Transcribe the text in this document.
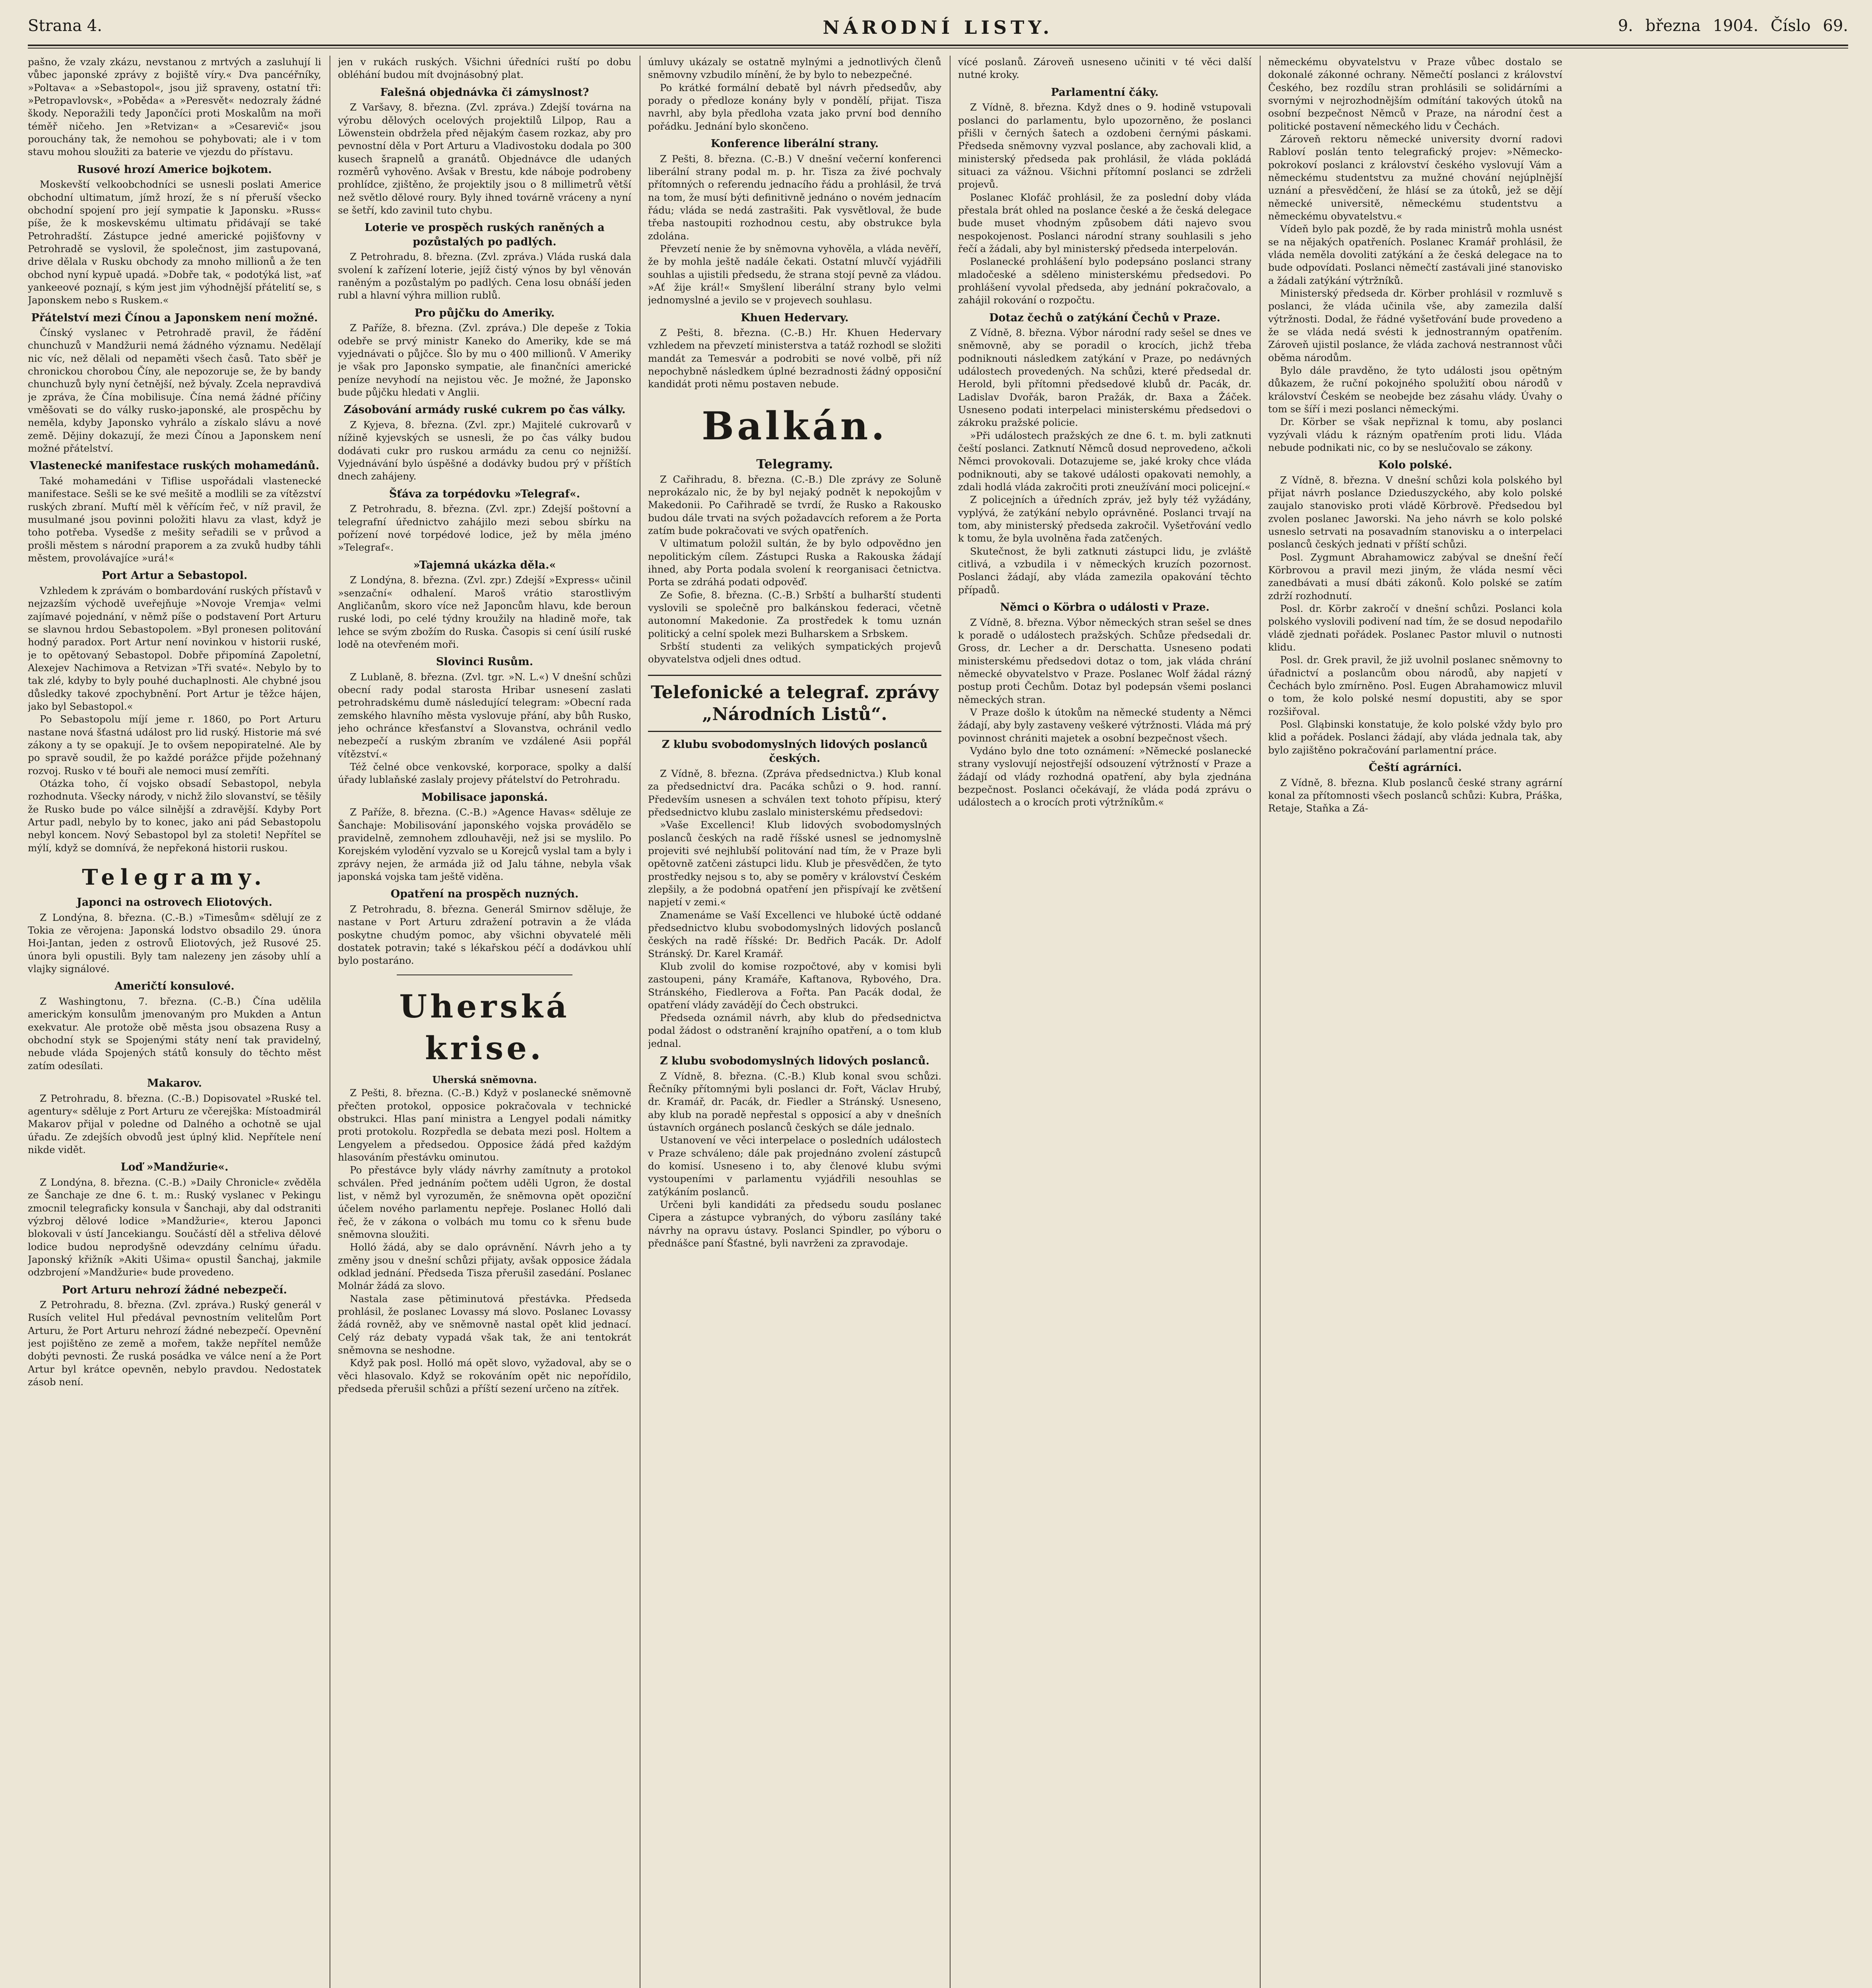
Strana 4.	NÁRODNÍ LISTY.	9. března 1904. Číslo 69.

pašno, že vzaly zkázu, nevstanou z mrtvých a zasluhují li vůbec japonské zprávy z bojiště víry.« Dva pancéřníky, »Poltava« a »Sebastopol«, jsou již spraveny, ostatní tři: »Petropavlovsk«, »Poběda« a »Peresvět« nedozraly žádné škody. Neporažili tedy Japončíci proti Moskalům na moři téměř ničeho. Jen »Retvizan« a »Cesarevič« jsou porouchány tak, že nemohou se pohybovati; ale i v tom stavu mohou sloužiti za baterie ve vjezdu do přístavu.

Rusové hrozí Americe bojkotem.

Moskevští velkoobchodníci se usnesli poslati Americe obchodní ultimatum, jímž hrozí, že s ní přeruší všecko obchodní spojení pro její sympatie k Japonsku. »Russ« píše, že k moskevskému ultimatu přidávají se také Petrohradští. Zástupce jedné americké pojišťovny v Petrohradě se vyslovil, že společnost, jim zastupovaná, drive dělala v Rusku obchody za mnoho millionů a že ten obchod nyní kypuě upadá. »Dobře tak, « podotýká list, »ať yankeeové poznají, s kým jest jim výhodnější přátelití se, s Japonskem nebo s Ruskem.«

Přátelství mezi Čínou a Japonskem není možné.

Čínský vyslanec v Petrohradě pravil, že řádění chunchuzů v Mandžurii nemá žádného významu. Nedělají nic víc, než dělali od nepaměti všech časů. Tato sběř je chronickou chorobou Číny, ale nepozoruje se, že by bandy chunchuzů byly nyní četnější, než bývaly. Zcela nepravdivá je zpráva, že Čína mobilisuje. Čína nemá žádné příčiny vměšovati se do války rusko-japonské, ale prospěchu by neměla, kdyby Japonsko vyhrálo a získalo slávu a nové země. Dějiny dokazují, že mezi Čínou a Japonskem není možné přátelství.

Vlastenecké manifestace ruských mohamedánů.

Také mohamedáni v Tiflise uspořádali vlastenecké manifestace. Sešli se ke své mešitě a modlili se za vítězství ruských zbraní. Muftí měl k věřícím řeč, v níž pravil, že musulmané jsou povinni položiti hlavu za vlast, když je toho potřeba. Vysedše z mešity seřadili se v průvod a prošli městem s národní praporem a za zvuků hudby táhli městem, provolávajíce »urá!«

Port Artur a Sebastopol.

Vzhledem k zprávám o bombardování ruských přístavů v nejzazším východě uveřejňuje »Novoje Vremja« velmi zajímavé pojednání, v němž píše o podstavení Port Arturu se slavnou hrdou Sebastopolem. »Byl pronesen politování hodný paradox. Port Artur není novinkou v historii ruské, je to opětovaný Sebastopol. Dobře připomíná Zapoletní, Alexejev Nachimova a Retvizan »Tři svaté«. Nebylo by to tak zlé, kdyby to byly pouhé duchaplnosti. Ale chybné jsou důsledky takové zpochybnění. Port Artur je těžce hájen, jako byl Sebastopol.«

Po Sebastopolu míjí jeme r. 1860, po Port Arturu nastane nová šťastná událost pro lid ruský. Historie má své zákony a ty se opakují. Je to ovšem nepopiratelné. Ale by po spravě soudil, že po každé porážce přijde požehnaný rozvoj. Rusko v té bouři ale nemoci musí zemříti.

Otázka toho, čí vojsko obsadí Sebastopol, nebyla rozhodnuta. Všecky národy, v nichž žilo slovanství, se těšily že Rusko bude po válce silnější a zdravější. Kdyby Port Artur padl, nebylo by to konec, jako ani pád Sebastopolu nebyl koncem. Nový Sebastopol byl za stoleti! Nepřítel se mýlí, když se domnívá, že nepřekoná historii ruskou.

Telegramy.
Japonci na ostrovech Eliotových.

Z Londýna, 8. března. (C.-B.) »Timesům« sdělují ze z Tokia ze věrojena: Japonská lodstvo obsadilo 29. února Hoi-Jantan, jeden z ostrovů Eliotových, jež Rusové 25. února byli opustili. Byly tam nalezeny jen zásoby uhlí a vlajky signálové.

Američtí konsulové.

Z Washingtonu, 7. března. (C.-B.) Čína udělila americkým konsulům jmenovaným pro Mukden a Antun exekvatur. Ale protože obě města jsou obsazena Rusy a obchodní styk se Spojenými státy není tak pravidelný, nebude vláda Spojených států konsuly do těchto měst zatím odesílati.

Makarov.

Z Petrohradu, 8. března. (C.-B.) Dopisovatel »Ruské tel. agentury« sděluje z Port Arturu ze včerejška: Místoadmirál Makarov přijal v poledne od Dalného a ochotně se ujal úřadu. Ze zdejších obvodů jest úplný klid. Nepřítele není nikde vidět.

Loď »Mandžurie«.

Z Londýna, 8. března. (C.-B.) »Daily Chronicle« zvěděla ze Šanchaje ze dne 6. t. m.: Ruský vyslanec v Pekingu zmocnil telegraficky konsula v Šanchaji, aby dal odstraniti výzbroj dělové lodice »Mandžurie«, kterou Japonci blokovali v ústí Jancekiangu. Součástí děl a střeliva dělové lodice budou neprodyšně odevzdány celnímu úřadu. Japonský křižník »Akiti Ušima« opustil Šanchaj, jakmile odzbrojení »Mandžurie« bude provedeno.

Port Arturu nehrozí žádné nebezpečí.

Z Petrohradu, 8. března. (Zvl. zpráva.) Ruský generál v Rusích velitel Hul předával pevnostním velitelům Port Arturu, že Port Arturu nehrozí žádné nebezpečí. Opevnění jest pojištěno ze země a mořem, takže nepřítel nemůže dobýti pevnosti. Že ruská posádka ve válce není a že Port Artur byl krátce opevněn, nebylo pravdou. Nedostatek zásob není.

jen v rukách ruských. Všichni úředníci ruští po dobu obléhání budou mít dvojnásobný plat.

Falešná objednávka či zámyslnost?

Z Varšavy, 8. března. (Zvl. zpráva.) Zdejší továrna na výrobu dělových ocelových projektilů Lilpop, Rau a Löwenstein obdržela před nějakým časem rozkaz, aby pro pevnostní děla v Port Arturu a Vladivostoku dodala po 300 kusech šrapnelů a granátů. Objednávce dle udaných rozměrů vyhověno. Avšak v Brestu, kde náboje podrobeny prohlídce, zjištěno, že projektily jsou o 8 millimetrů větší než světlo dělové roury. Byly ihned továrně vráceny a nyní se šetří, kdo zavinil tuto chybu.

Loterie ve prospěch ruských raněných a pozůstalých po padlých.

Z Petrohradu, 8. března. (Zvl. zpráva.) Vláda ruská dala svolení k zařízení loterie, jejíž čistý výnos by byl věnován raněným a pozůstalým po padlých. Cena losu obnáší jeden rubl a hlavní výhra million rublů.

Pro půjčku do Ameriky.

Z Paříže, 8. března. (Zvl. zpráva.) Dle depeše z Tokia odebře se prvý ministr Kaneko do Ameriky, kde se má vyjednávati o půjčce. Šlo by mu o 400 millionů. V Ameriky je však pro Japonsko sympatie, ale finančníci americké peníze nevyhodí na nejistou věc. Je možné, že Japonsko bude půjčku hledati v Anglii.

Zásobování armády ruské cukrem po čas války.

Z Kyjeva, 8. března. (Zvl. zpr.) Majitelé cukrovarů v nížině kyjevských se usnesli, že po čas války budou dodávati cukr pro ruskou armádu za cenu co nejnižší. Vyjednávání bylo úspěšné a dodávky budou prý v příštích dnech zahájeny.

Šťáva za torpédovku »Telegraf«.

Z Petrohradu, 8. března. (Zvl. zpr.) Zdejší poštovní a telegrafní úřednictvo zahájilo mezi sebou sbírku na pořízení nové torpédové lodice, jež by měla jméno »Telegraf«.

»Tajemná ukázka děla.«

Z Londýna, 8. března. (Zvl. zpr.) Zdejší »Express« učinil »senzační« odhalení. Maroš vrátio starostlivým Angličanům, skoro více než Japoncům hlavu, kde beroun ruské lodi, po celé týdny kroužily na hladině moře, tak lehce se svým zbožím do Ruska. Časopis si cení úsilí ruské lodě na otevřeném moři.

Slovinci Rusům.

Z Lublaně, 8. března. (Zvl. tgr. »N. L.«) V dnešní schůzi obecní rady podal starosta Hribar usnesení zaslati petrohradskému dumě následující telegram: »Obecní rada zemského hlavního města vyslovuje přání, aby bůh Rusko, jeho ochránce křesťanství a Slovanstva, ochránil vedlo nebezpečí a ruským zbraním ve vzdálené Asii popřál vítězství.«

Též čelné obce venkovské, korporace, spolky a další úřady lublaňské zaslaly projevy přátelství do Petrohradu.

Mobilisace japonská.

Z Paříže, 8. března. (C.-B.) »Agence Havas« sděluje ze Šanchaje: Mobilisování japonského vojska provádělo se pravidelně, zemnohem zdlouhavěji, než jsi se myslilo. Po Korejském vylodění vyzvalo se u Korejců vyslal tam a byly i zprávy nejen, že armáda již od Jalu táhne, nebyla však japonská vojska tam ještě viděna.

Opatření na prospěch nuzných.

Z Petrohradu, 8. března. Generál Smirnov sděluje, že nastane v Port Arturu zdražení potravin a že vláda poskytne chudým pomoc, aby všichni obyvatelé měli dostatek potravin; také s lékařskou péčí a dodávkou uhlí bylo postaráno.

Uherská krise.
Uherská sněmovna.

Z Pešti, 8. března. (C.-B.) Když v poslanecké sněmovně přečten protokol, opposice pokračovala v technické obstrukci. Hlas paní ministra a Lengyel podali námitky proti protokolu. Rozpředla se debata mezi posl. Holtem a Lengyelem a předsedou. Opposice žádá před každým hlasováním přestávku ominutou.

Po přestávce byly vlády návrhy zamítnuty a protokol schválen. Před jednáním počtem uděli Ugron, že dostal list, v němž byl vyrozuměn, že sněmovna opět opoziční účelem nového parlamentu nepřeje. Poslanec Holló dali řeč, že v zákona o volbách mu tomu co k sřenu bude sněmovna sloužiti.

Holló žádá, aby se dalo oprávnění. Návrh jeho a ty změny jsou v dnešní schůzi přijaty, avšak opposice žádala odklad jednání. Předseda Tisza přerušil zasedání. Poslanec Molnár žádá za slovo.

Nastala zase pětiminutová přestávka. Předseda prohlásil, že poslanec Lovassy má slovo. Poslanec Lovassy žádá rovněž, aby ve sněmovně nastal opět klid jednací. Celý ráz debaty vypadá však tak, že ani tentokrát sněmovna se neshodne.

Když pak posl. Holló má opět slovo, vyžadoval, aby se o věci hlasovalo. Když se rokováním opět nic nepořídilo, předseda přerušil schůzi a příští sezení určeno na zítřek.

úmluvy ukázaly se ostatně mylnými a jednotlivých členů sněmovny vzbudilo mínění, že by bylo to nebezpečné.

Po krátké formální debatě byl návrh předsedův, aby porady o předloze konány byly v pondělí, přijat. Tisza navrhl, aby byla předloha vzata jako první bod denního pořádku. Jednání bylo skončeno.

Konference liberální strany.

Z Pešti, 8. března. (C.-B.) V dnešní večerní konferenci liberální strany podal m. p. hr. Tisza za živé pochvaly přítomných o referendu jednacího řádu a prohlásil, že trvá na tom, že musí býti definitivně jednáno o novém jednacím řádu; vláda se nedá zastrašiti. Pak vysvětloval, že bude třeba nastoupiti rozhodnou cestu, aby obstrukce byla zdolána.

Převzetí nenie že by sněmovna vyhověla, a vláda nevěří, že by mohla ještě nadále čekati. Ostatní mluvčí vyjádřili souhlas a ujistili předsedu, že strana stojí pevně za vládou. »Ať žije král!« Smyšlení liberální strany bylo velmi jednomyslné a jevilo se v projevech souhlasu.

Khuen Hedervary.

Z Pešti, 8. března. (C.-B.) Hr. Khuen Hedervary vzhledem na převzetí ministerstva a tatáž rozhodl se složiti mandát za Temesvár a podrobiti se nové volbě, při níž nepochybně následkem úplné bezradnosti žádný opposiční kandidát proti němu postaven nebude.

Balkán.
Telegramy.

Z Cařihradu, 8. března. (C.-B.) Dle zprávy ze Soluně neprokázalo nic, že by byl nejaký podnět k nepokojům v Makedonii. Po Cařihradě se tvrdí, že Rusko a Rakousko budou dále trvati na svých požadavcích reforem a že Porta zatím bude pokračovati ve svých opatřeních.

V ultimatum položil sultán, že by bylo odpovědno jen nepolitickým cílem. Zástupci Ruska a Rakouska žádají ihned, aby Porta podala svolení k reorganisaci četnictva. Porta se zdráhá podati odpověď.

Ze Sofie, 8. března. (C.-B.) Srbští a bulharští studenti vyslovili se společně pro balkánskou federaci, včetně autonomní Makedonie. Za prostředek k tomu uznán politický a celní spolek mezi Bulharskem a Srbskem.

Srbští studenti za velikých sympatických projevů obyvatelstva odjeli dnes odtud.

Telefonické a telegraf. zprávy „Národních Listů“.
Z klubu svobodomyslných lidových poslanců českých.

Z Vídně, 8. března. (Zpráva předsednictva.) Klub konal za předsednictví dra. Pacáka schůzi o 9. hod. ranní. Především usnesen a schválen text tohoto přípisu, který předsednictvo klubu zaslalo ministerskému předsedovi:

»Vaše Excellenci! Klub lidových svobodomyslných poslanců českých na radě říšské usnesl se jednomyslně projeviti své nejhlubší politování nad tím, že v Praze byli opětovně zatčeni zástupci lidu. Klub je přesvědčen, že tyto prostředky nejsou s to, aby se poměry v království Českém zlepšily, a že podobná opatření jen přispívají ke zvětšení napjetí v zemi.«

Znamenáme se Vaší Excellenci ve hluboké úctě oddané předsednictvo klubu svobodomyslných lidových poslanců českých na radě říšské: Dr. Bedřich Pacák. Dr. Adolf Stránský. Dr. Karel Kramář.

Klub zvolil do komise rozpočtové, aby v komisi byli zastoupeni, pány Kramáře, Kaftanova, Rybového, Dra. Stránského, Fiedlerova a Fořta. Pan Pacák dodal, že opatření vlády zavádějí do Čech obstrukci.

Předseda oznámil návrh, aby klub do předsednictva podal žádost o odstranění krajního opatření, a o tom klub jednal.

Z klubu svobodomyslných lidových poslanců.

Z Vídně, 8. března. (C.-B.) Klub konal svou schůzi. Řečníky přítomnými byli poslanci dr. Fořt, Václav Hrubý, dr. Kramář, dr. Pacák, dr. Fiedler a Stránský. Usneseno, aby klub na poradě nepřestal s opposicí a aby v dnešních ústavních orgánech poslanců českých se dále jednalo.

Ustanovení ve věci interpelace o posledních událostech v Praze schváleno; dále pak projednáno zvolení zástupců do komisí. Usneseno i to, aby členové klubu svými vystoupeními v parlamentu vyjádřili nesouhlas se zatýkáním poslanců.

Určeni byli kandidáti za předsedu soudu poslanec Cipera a zástupce vybraných, do výboru zasílány také návrhy na opravu ústavy. Poslanci Spindler, po výboru o přednášce paní Šťastné, byli navrženi za zpravodaje.

vícé poslanů. Zároveň usneseno učiniti v té věci další nutné kroky.

Parlamentní čáky.

Z Vídně, 8. března. Když dnes o 9. hodině vstupovali poslanci do parlamentu, bylo upozorněno, že poslanci přišli v černých šatech a ozdobeni černými páskami. Předseda sněmovny vyzval poslance, aby zachovali klid, a ministerský předseda pak prohlásil, že vláda pokládá situaci za vážnou. Všichni přítomní poslanci se zdrželi projevů.

Poslanec Klofáč prohlásil, že za poslední doby vláda přestala brát ohled na poslance české a že česká delegace bude muset vhodným způsobem dáti najevo svou nespokojenost. Poslanci národní strany souhlasili s jeho řečí a žádali, aby byl ministerský předseda interpelován.

Poslanecké prohlášení bylo podepsáno poslanci strany mladočeské a sděleno ministerskému předsedovi. Po prohlášení vyvolal předseda, aby jednání pokračovalo, a zahájil rokování o rozpočtu.

Dotaz čechů o zatýkání Čechů v Praze.

Z Vídně, 8. března. Výbor národní rady sešel se dnes ve sněmovně, aby se poradil o krocích, jichž třeba podniknouti následkem zatýkání v Praze, po nedávných událostech provedených. Na schůzi, které předsedal dr. Herold, byli přítomni předsedové klubů dr. Pacák, dr. Ladislav Dvořák, baron Pražák, dr. Baxa a Žáček. Usneseno podati interpelaci ministerskému předsedovi o zákroku pražské policie.

»Při událostech pražských ze dne 6. t. m. byli zatknuti čeští poslanci. Zatknutí Němců dosud neprovedeno, ačkoli Němci provokovali. Dotazujeme se, jaké kroky chce vláda podniknouti, aby se takové události opakovati nemohly, a zdali hodlá vláda zakročiti proti zneužívání moci policejní.«

Z policejních a úředních zpráv, jež byly též vyžádány, vyplývá, že zatýkání nebylo oprávněné. Poslanci trvají na tom, aby ministerský předseda zakročil. Vyšetřování vedlo k tomu, že byla uvolněna řada zatčených.

Skutečnost, že byli zatknuti zástupci lidu, je zvláště citlivá, a vzbudila i v německých kruzích pozornost. Poslanci žádají, aby vláda zamezila opakování těchto případů.

Němci o Körbra o události v Praze.

Z Vídně, 8. března. Výbor německých stran sešel se dnes k poradě o událostech pražských. Schůze předsedali dr. Gross, dr. Lecher a dr. Derschatta. Usneseno podati ministerskému předsedovi dotaz o tom, jak vláda chrání německé obyvatelstvo v Praze. Poslanec Wolf žádal rázný postup proti Čechům. Dotaz byl podepsán všemi poslanci německých stran.

V Praze došlo k útokům na německé studenty a Němci žádají, aby byly zastaveny veškeré výtržnosti. Vláda má prý povinnost chrániti majetek a osobní bezpečnost všech.

Vydáno bylo dne toto oznámení: »Německé poslanecké strany vyslovují nejostřejší odsouzení výtržností v Praze a žádají od vlády rozhodná opatření, aby byla zjednána bezpečnost. Poslanci očekávají, že vláda podá zprávu o událostech a o krocích proti výtržníkům.«

německému obyvatelstvu v Praze vůbec dostalo se dokonalé zákonné ochrany. Němečtí poslanci z království Českého, bez rozdílu stran prohlásili se solidárními a svornými v nejrozhodnějším odmítání takových útoků na osobní bezpečnost Němců v Praze, na národní čest a politické postavení německého lidu v Čechách.

Zároveň rektoru německé university dvorní radovi Rabloví poslán tento telegrafický projev: »Německo-pokrokoví poslanci z království českého vyslovují Vám a německému studentstvu za mužné chování nejúplnější uznání a přesvědčení, že hlásí se za útoků, jež se dějí německé universitě, německému studentstvu a německému obyvatelstvu.«

Vídeň bylo pak pozdě, že by rada ministrů mohla usnést se na nějakých opatřeních. Poslanec Kramář prohlásil, že vláda neměla dovoliti zatýkání a že česká delegace na to bude odpovídati. Poslanci němečtí zastávali jiné stanovisko a žádali zatýkání výtržníků.

Ministerský předseda dr. Körber prohlásil v rozmluvě s poslanci, že vláda učinila vše, aby zamezila další výtržnosti. Dodal, že řádné vyšetřování bude provedeno a že se vláda nedá svésti k jednostranným opatřením. Zároveň ujistil poslance, že vláda zachová nestrannost vůči oběma národům.

Bylo dále pravděno, že tyto události jsou opětným důkazem, že ruční pokojného spolužití obou národů v království Českém se neobejde bez zásahu vlády. Úvahy o tom se šíří i mezi poslanci německými.

Dr. Körber se však nepřiznal k tomu, aby poslanci vyzývali vládu k rázným opatřením proti lidu. Vláda nebude podnikati nic, co by se neslučovalo se zákony.

Kolo polské.

Z Vídně, 8. března. V dnešní schůzi kola polského byl přijat návrh poslance Dzieduszyckého, aby kolo polské zaujalo stanovisko proti vládě Körbrově. Předsedou byl zvolen poslanec Jaworski. Na jeho návrh se kolo polské usneslo setrvati na posavadním stanovisku a o interpelaci poslanců českých jednati v příští schůzi.

Posl. Zygmunt Abrahamowicz zabýval se dnešní řečí Körbrovou a pravil mezi jiným, že vláda nesmí věci zanedbávati a musí dbáti zákonů. Kolo polské se zatím zdrží rozhodnutí.

Posl. dr. Körbr zakročí v dnešní schůzi. Poslanci kola polského vyslovili podivení nad tím, že se dosud nepodařilo vládě zjednati pořádek. Poslanec Pastor mluvil o nutnosti klidu.

Posl. dr. Grek pravil, že již uvolnil poslanec sněmovny to úřadnictví a poslancům obou národů, aby napjetí v Čechách bylo zmírněno. Posl. Eugen Abrahamowicz mluvil o tom, že kolo polské nesmí dopustiti, aby se spor rozšiřoval.

Posl. Gląbinski konstatuje, že kolo polské vždy bylo pro klid a pořádek. Poslanci žádají, aby vláda jednala tak, aby bylo zajištěno pokračování parlamentní práce.

Čeští agrárníci.

Z Vídně, 8. března. Klub poslanců české strany agrární konal za přítomnosti všech poslanců schůzi: Kubra, Práška, Retaje, Staňka a Zá-
